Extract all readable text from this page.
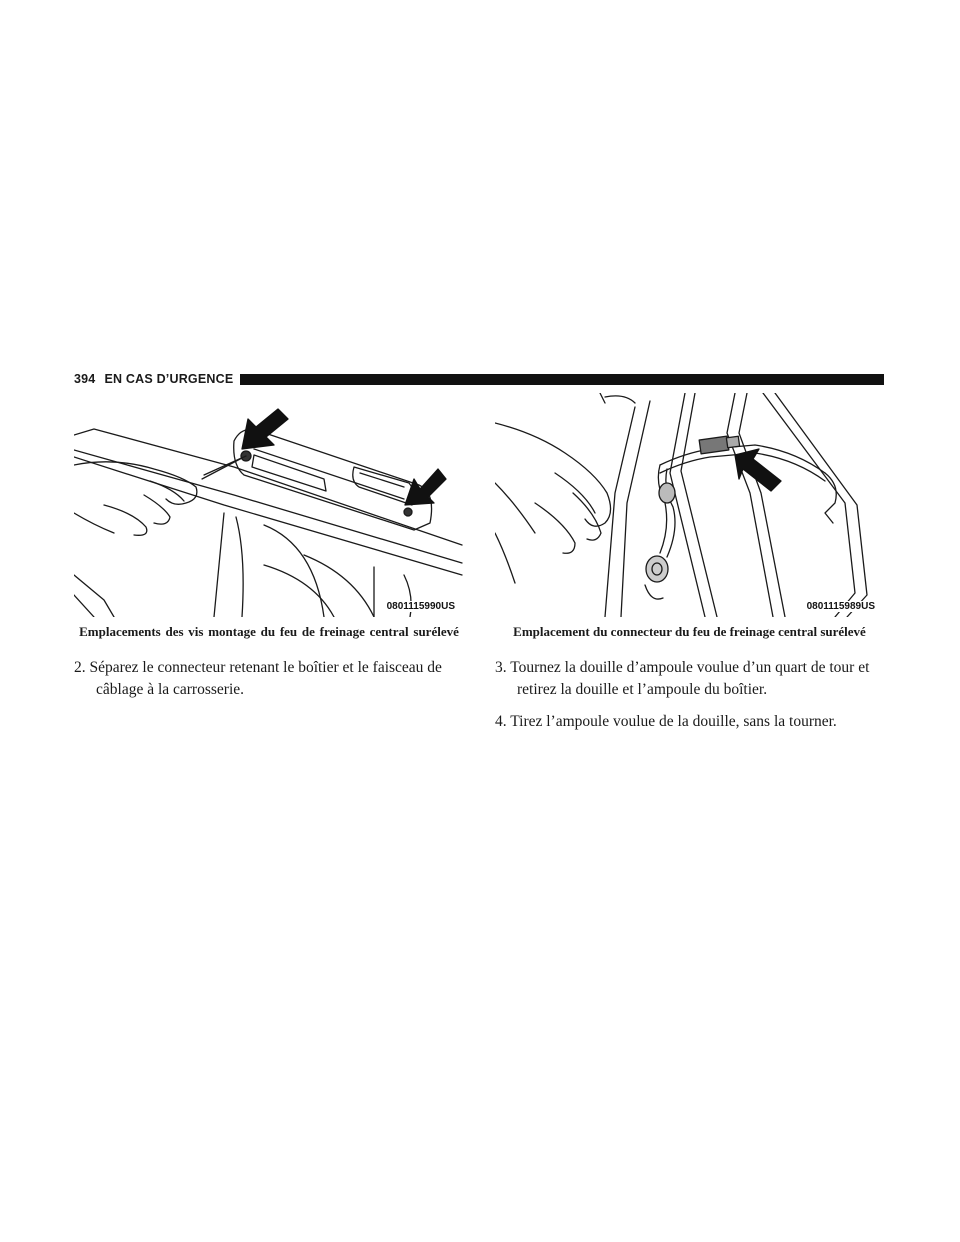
394 EN CAS D’URGENCE
0801115990US
Emplacements des vis montage du feu de freinage central surélevé
0801115989US
Emplacement du connecteur du feu de freinage central surélevé
2. Séparez le connecteur retenant le boîtier et le faisceau de câblage à la carrosserie.
3. Tournez la douille d’ampoule voulue d’un quart de tour et retirez la douille et l’ampoule du boîtier.
4. Tirez l’ampoule voulue de la douille, sans la tourner.
